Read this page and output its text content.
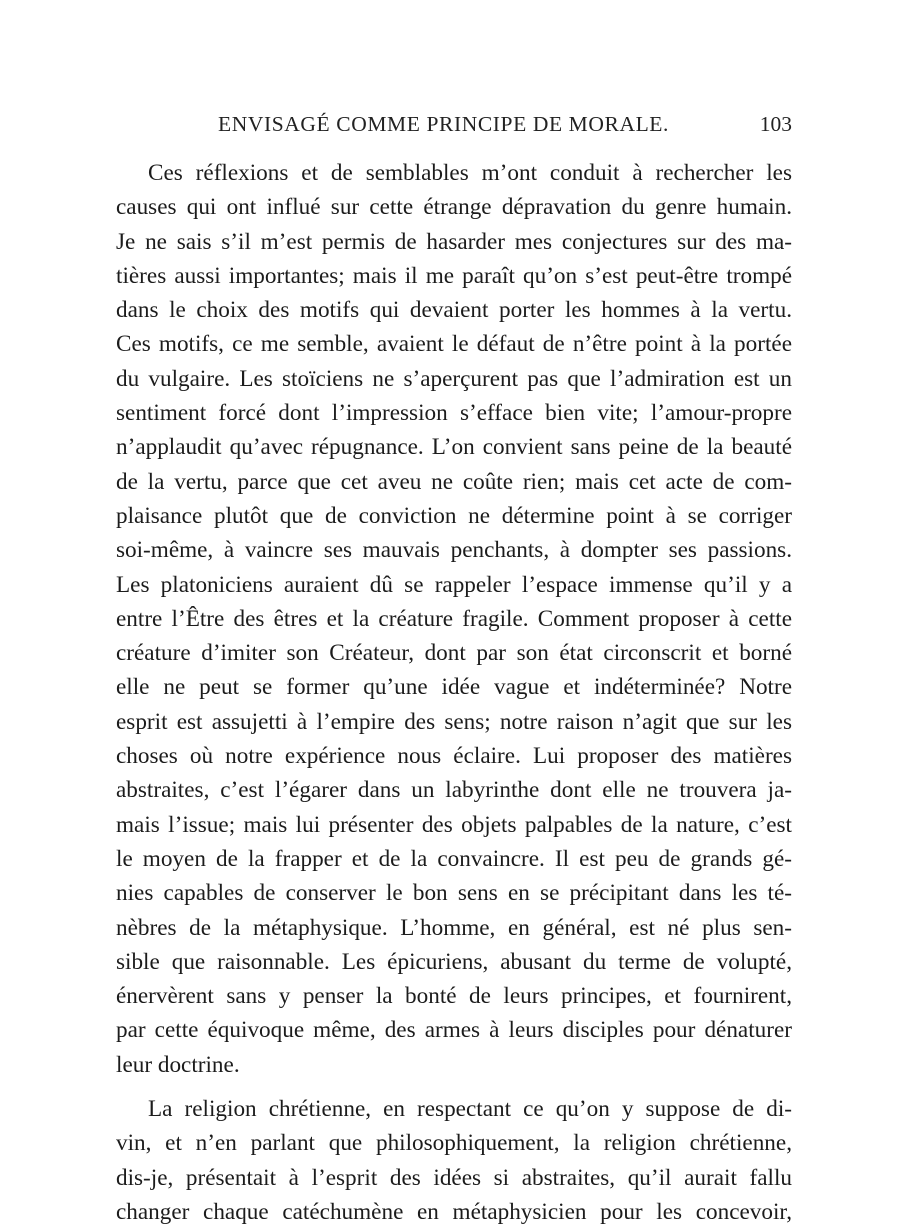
ENVISAGÉ COMME PRINCIPE DE MORALE.	103
Ces réflexions et de semblables m’ont conduit à rechercher les
causes qui ont influé sur cette étrange dépravation du genre humain.
Je ne sais s’il m’est permis de hasarder mes conjectures sur des ma-
tières aussi importantes; mais il me paraît qu’on s’est peut-être trompé
dans le choix des motifs qui devaient porter les hommes à la vertu.
Ces motifs, ce me semble, avaient le défaut de n’être point à la portée
du vulgaire. Les stoïciens ne s’aperçurent pas que l’admiration est un
sentiment forcé dont l’impression s’efface bien vite; l’amour-propre
n’applaudit qu’avec répugnance. L’on convient sans peine de la beauté
de la vertu, parce que cet aveu ne coûte rien; mais cet acte de com-
plaisance plutôt que de conviction ne détermine point à se corriger
soi-même, à vaincre ses mauvais penchants, à dompter ses passions.
Les platoniciens auraient dû se rappeler l’espace immense qu’il y a
entre l’Être des êtres et la créature fragile. Comment proposer à cette
créature d’imiter son Créateur, dont par son état circonscrit et borné
elle ne peut se former qu’une idée vague et indéterminée? Notre
esprit est assujetti à l’empire des sens; notre raison n’agit que sur les
choses où notre expérience nous éclaire. Lui proposer des matières
abstraites, c’est l’égarer dans un labyrinthe dont elle ne trouvera ja-
mais l’issue; mais lui présenter des objets palpables de la nature, c’est
le moyen de la frapper et de la convaincre. Il est peu de grands gé-
nies capables de conserver le bon sens en se précipitant dans les té-
nèbres de la métaphysique. L’homme, en général, est né plus sen-
sible que raisonnable. Les épicuriens, abusant du terme de volupté,
énervèrent sans y penser la bonté de leurs principes, et fournirent,
par cette équivoque même, des armes à leurs disciples pour dénaturer
leur doctrine.
La religion chrétienne, en respectant ce qu’on y suppose de di-
vin, et n’en parlant que philosophiquement, la religion chrétienne,
dis-je, présentait à l’esprit des idées si abstraites, qu’il aurait fallu
changer chaque catéchumène en métaphysicien pour les concevoir,
